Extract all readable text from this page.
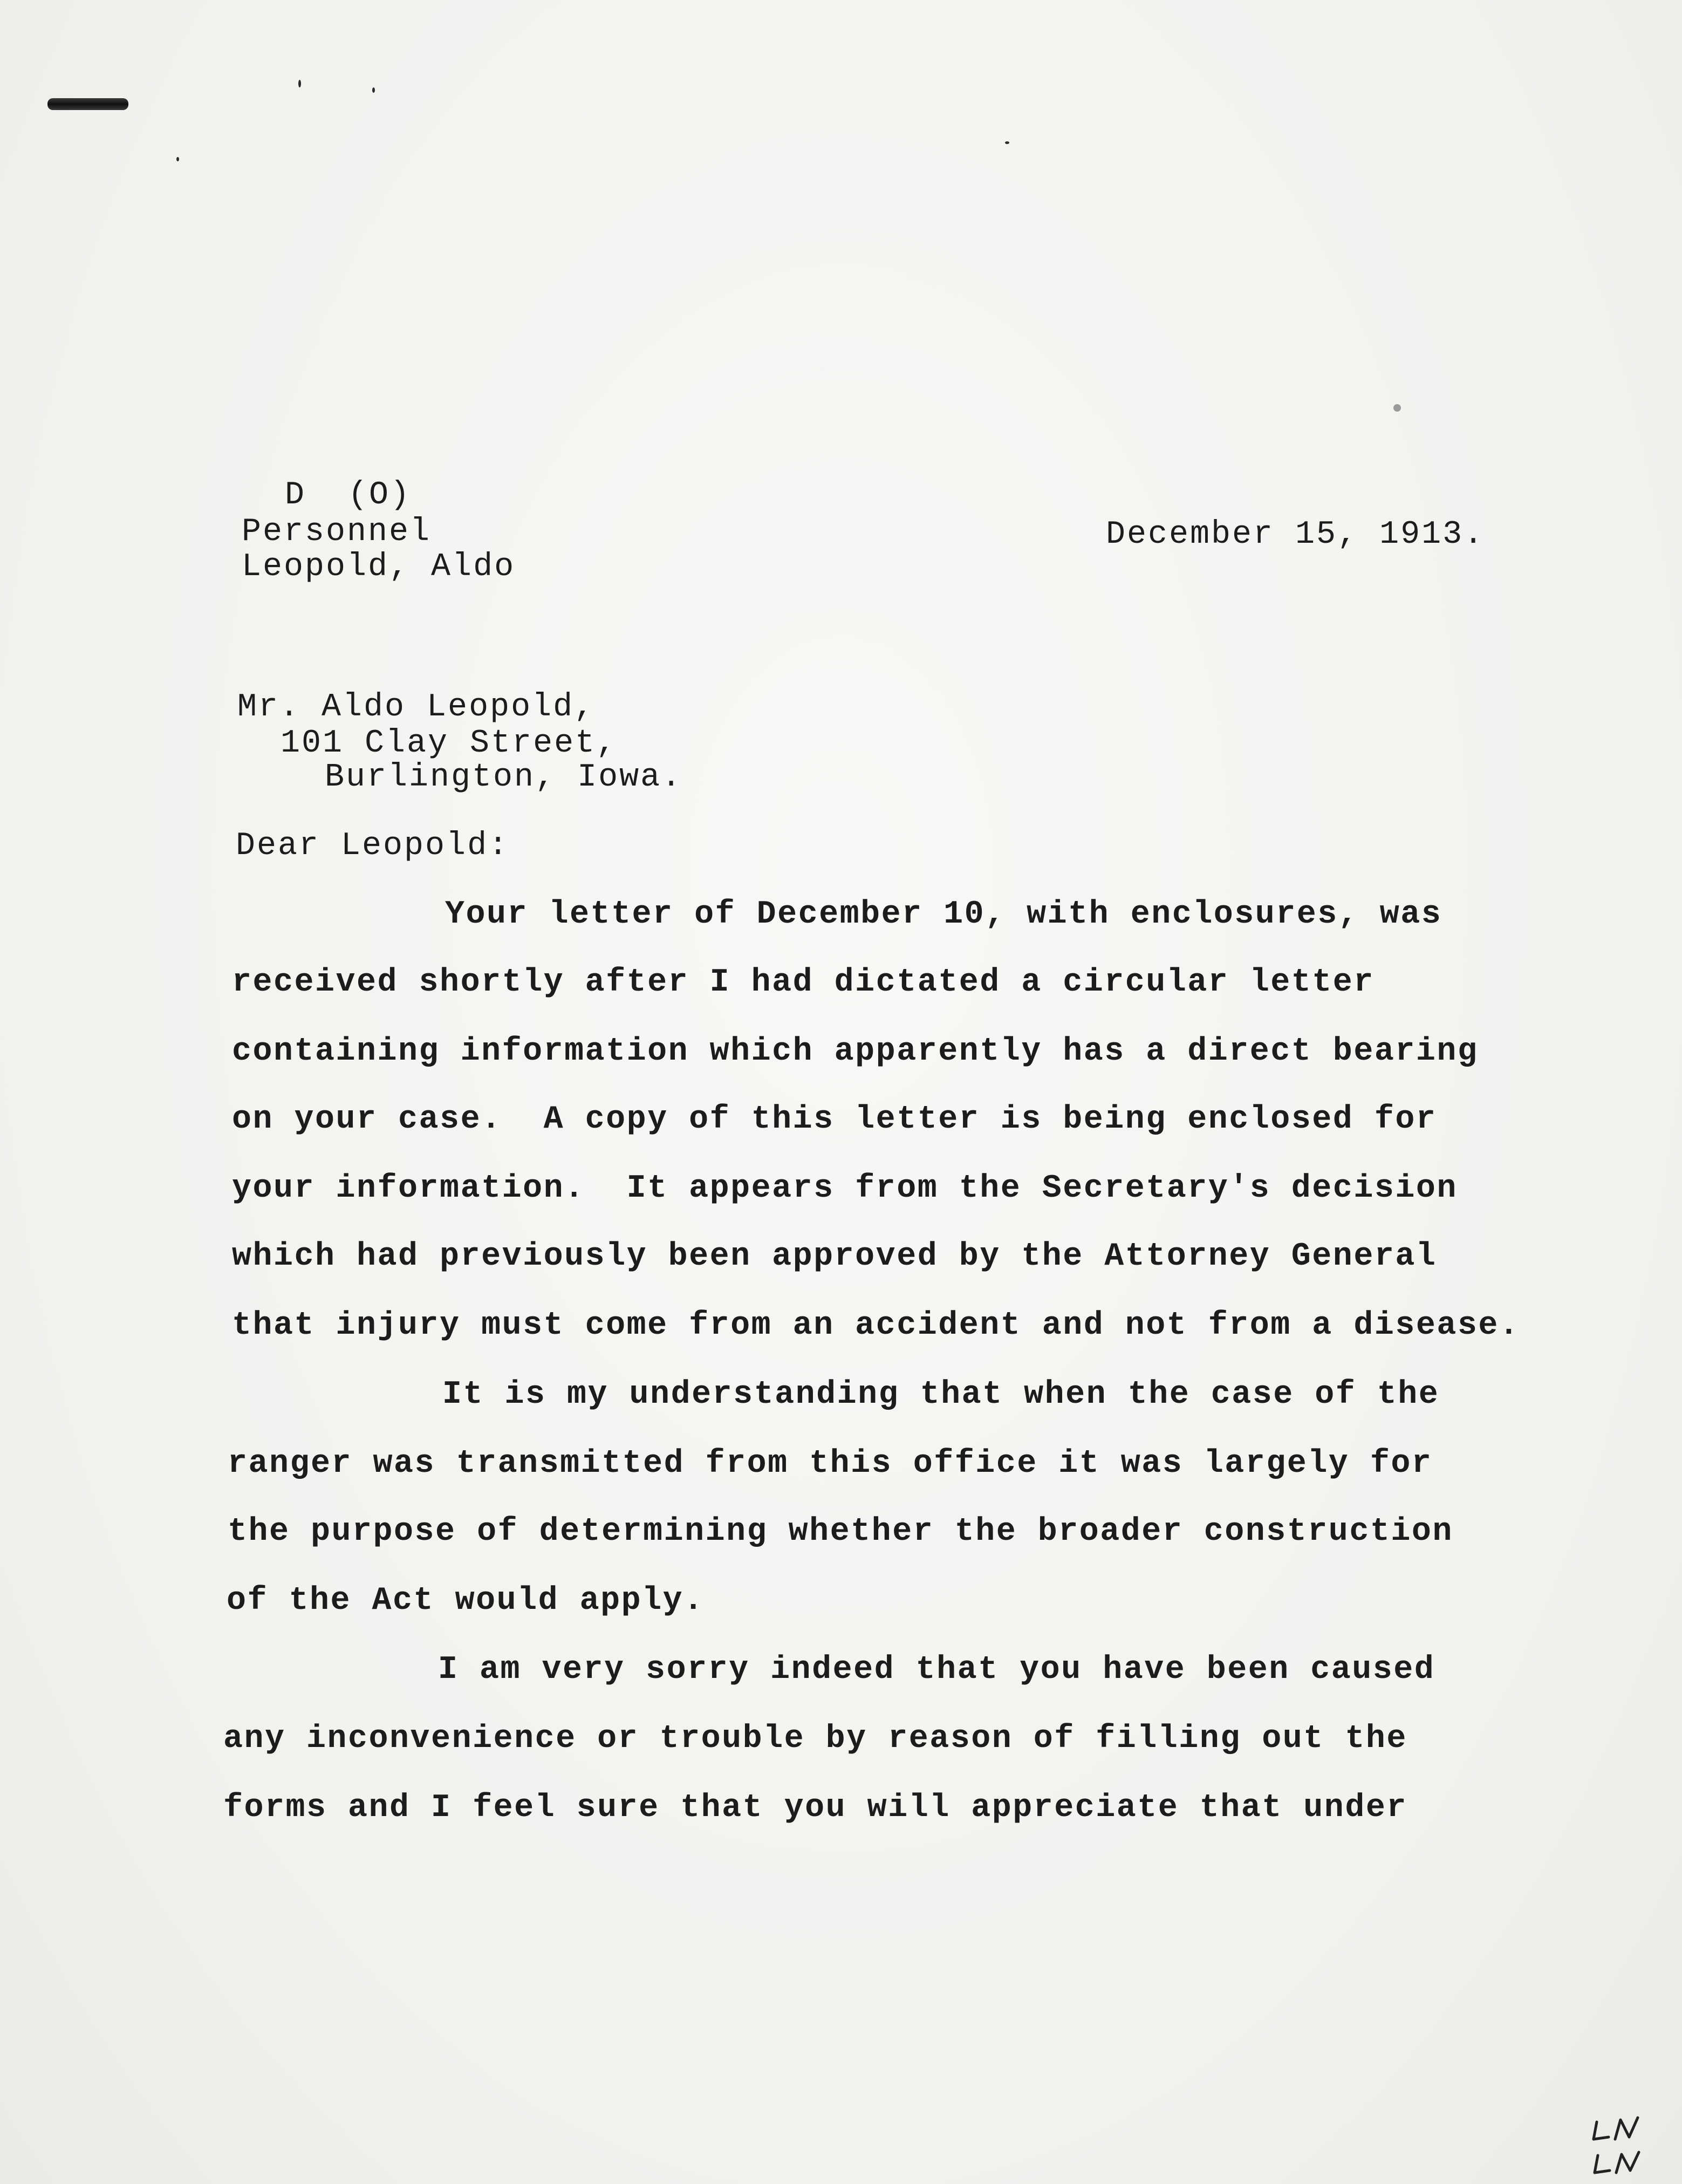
D  (O)
Personnel
Leopold, Aldo
December 15, 1913.
Mr. Aldo Leopold,
101 Clay Street,
Burlington, Iowa.
Dear Leopold:
Your letter of December 10, with enclosures, was
received shortly after I had dictated a circular letter
containing information which apparently has a direct bearing
on your case.  A copy of this letter is being enclosed for
your information.  It appears from the Secretary's decision
which had previously been approved by the Attorney General
that injury must come from an accident and not from a disease.
It is my understanding that when the case of the
ranger was transmitted from this office it was largely for
the purpose of determining whether the broader construction
of the Act would apply.
I am very sorry indeed that you have been caused
any inconvenience or trouble by reason of filling out the
forms and I feel sure that you will appreciate that under
